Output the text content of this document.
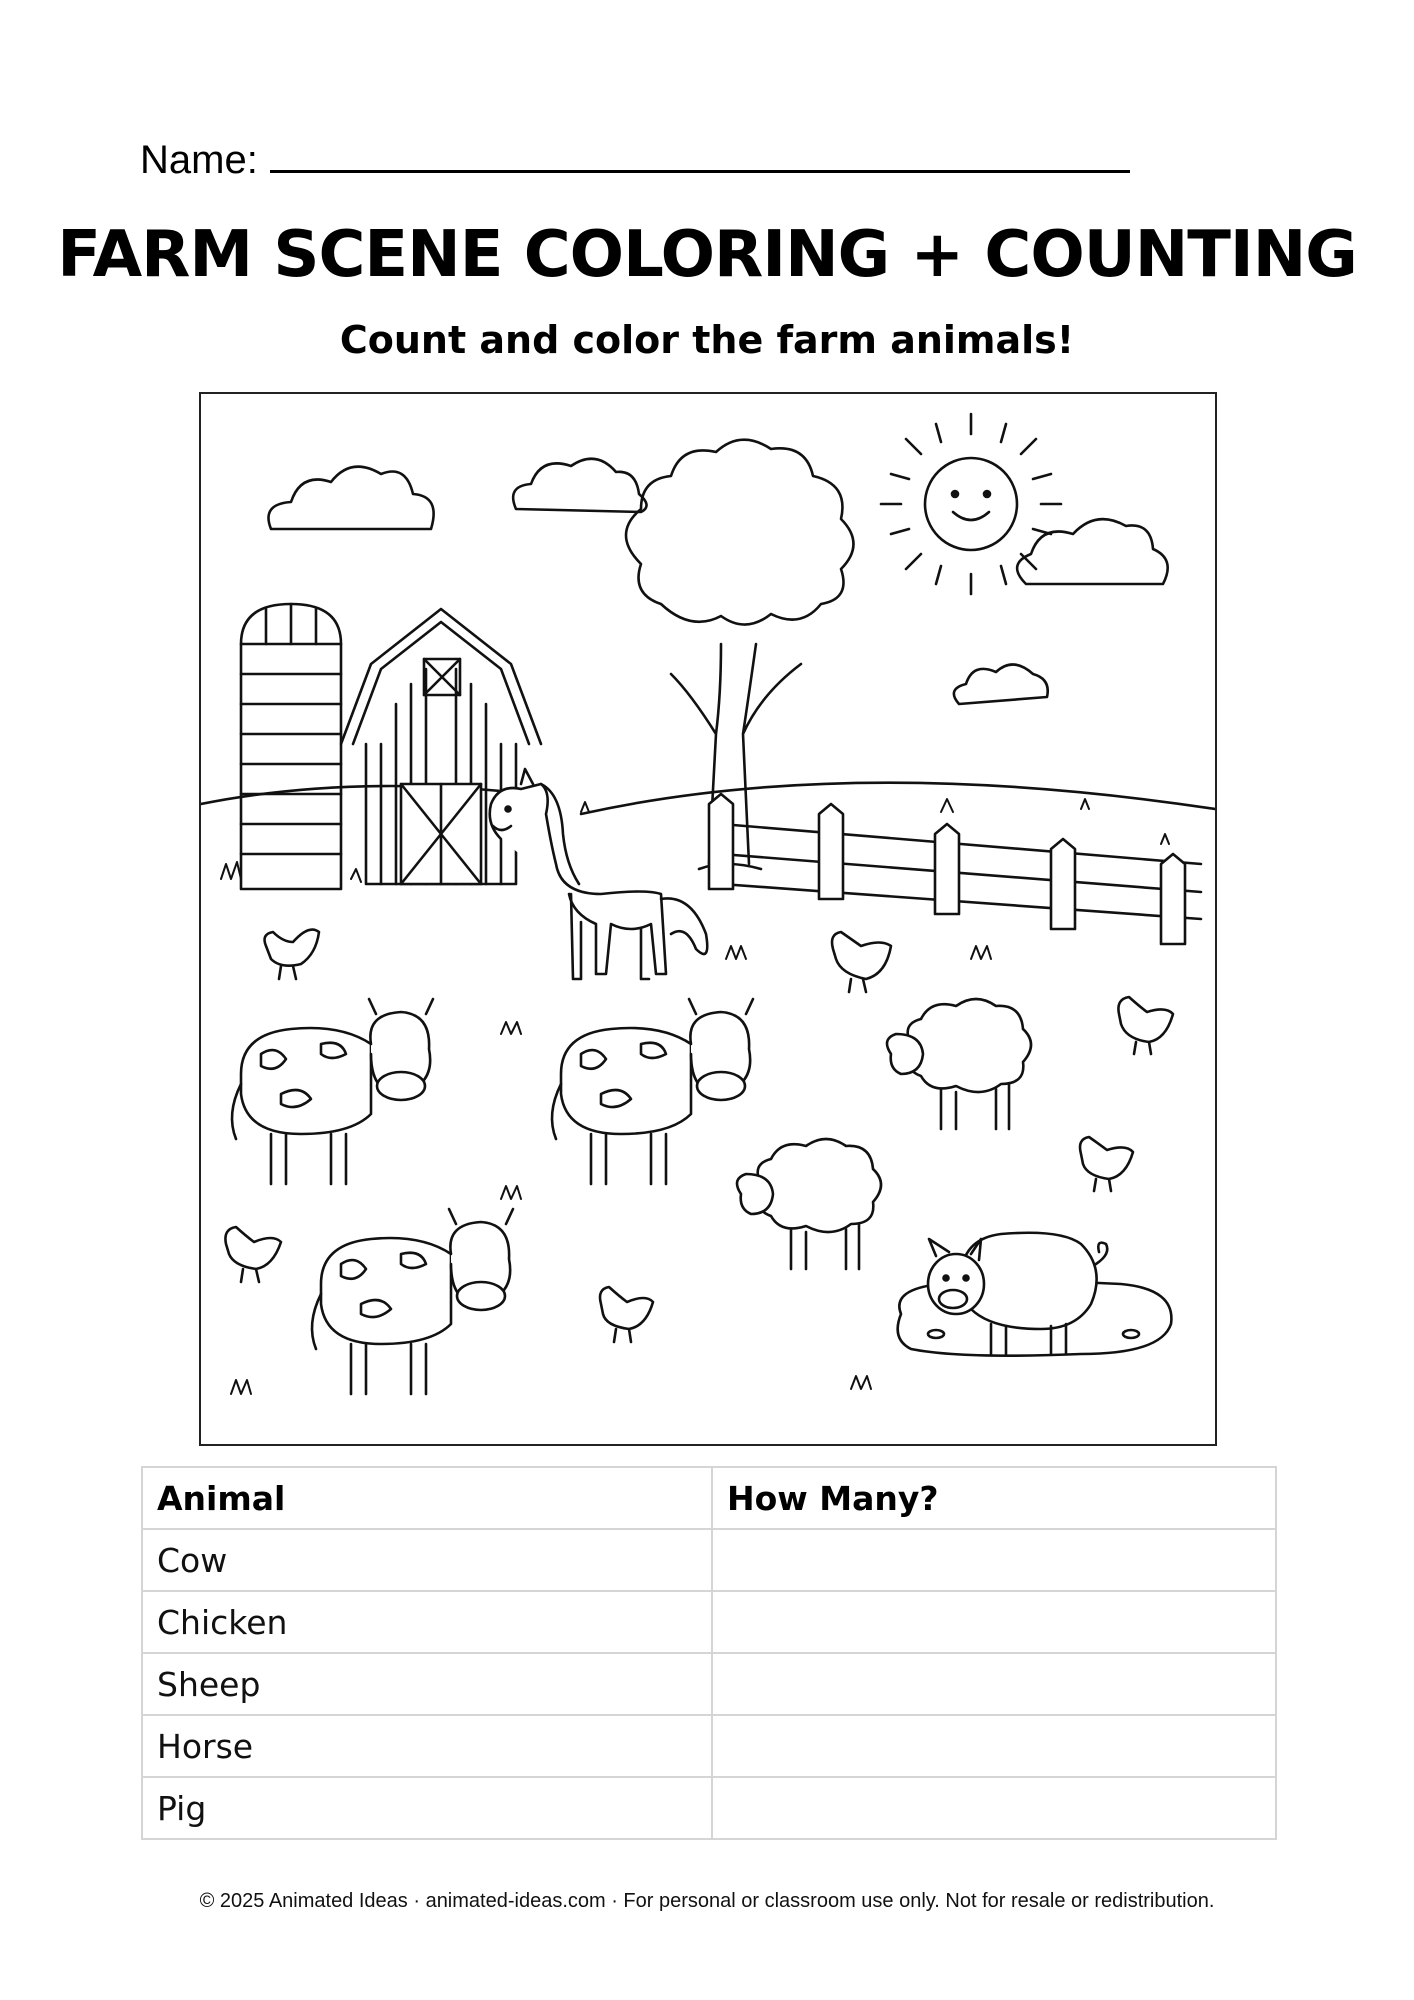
Name:
FARM SCENE COLORING + COUNTING
Count and color the farm animals!
Animal	How Many?
Cow	
Chicken	
Sheep	
Horse	
Pig	
© 2025 Animated Ideas · animated-ideas.com · For personal or classroom use only. Not for resale or redistribution.
